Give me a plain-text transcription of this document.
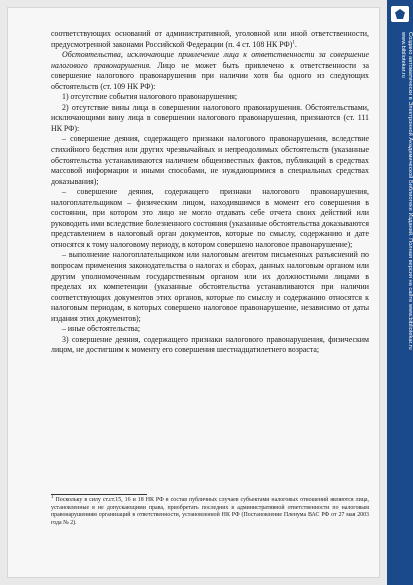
соответствующих оснований от административной, уголовной или иной ответственности, предусмотренной законами Российской Федерации (п. 4 ст. 108 НК РФ)$^1$.

Обстоятельства, исключающие привлечение лица к ответственности за совершение налогового правонарушения. Лицо не может быть привлечено к ответственности за совершение налогового правонарушения при наличии хотя бы одного из следующих обстоятельств (ст. 109 НК РФ):

1) отсутствие события налогового правонарушения;

2) отсутствие вины лица в совершении налогового правонарушения. Обстоятельствами, исключающими вину лица в совершении налогового правонарушения, признаются (ст. 111 НК РФ):

– совершение деяния, содержащего признаки налогового правонарушения, вследствие стихийного бедствия или других чрезвычайных и непреодолимых обстоятельств (указанные обстоятельства устанавливаются наличием общеизвестных фактов, публикаций в средствах массовой информации и иными способами, не нуждающимися в специальных средствах доказывания);

– совершение деяния, содержащего признаки налогового правонарушения, налогоплательщиком – физическим лицом, находившимся в момент его совершения в состоянии, при котором это лицо не могло отдавать себе отчета своих действий или руководить ими вследствие болезненного состояния (указанные обстоятельства доказываются представлением в налоговый орган документов, которые по смыслу, содержанию и дате относятся к тому налоговому периоду, в котором совершено налоговое правонарушение);

– выполнение налогоплательщиком или налоговым агентом письменных разъяснений по вопросам применения законодательства о налогах и сборах, данных налоговым органом или другим уполномоченным государственным органом или их должностными лицами в пределах их компетенции (указанные обстоятельства устанавливаются при наличии соответствующих документов этих органов, которые по смыслу и содержанию относятся к налоговым периодам, в которых совершено налоговое правонарушение, независимо от даты издания этих документов);

– иные обстоятельства;

3) совершение деяния, содержащего признаки налогового правонарушения, физическим лицом, не достигшим к моменту его совершения шестнадцатилетнего возраста;

$^1$ Поскольку в силу ст.ст.15, 16 и 18 НК РФ в состав публичных случаев субъектами налоговых отношений являются лица, установленные в не допускающими права, приобретать последних в административной ответственности по налоговым правонарушениям организаций в ответственности, установленной НК РФ (Постановление Пленума ВАС РФ от 27 мая 2003 года № 2).

Создано автоматически в Электронной Академической Библиотеке Изданий. Полная версия на сайте www.bibliotekar.ru
www.bibliotekar.ru
